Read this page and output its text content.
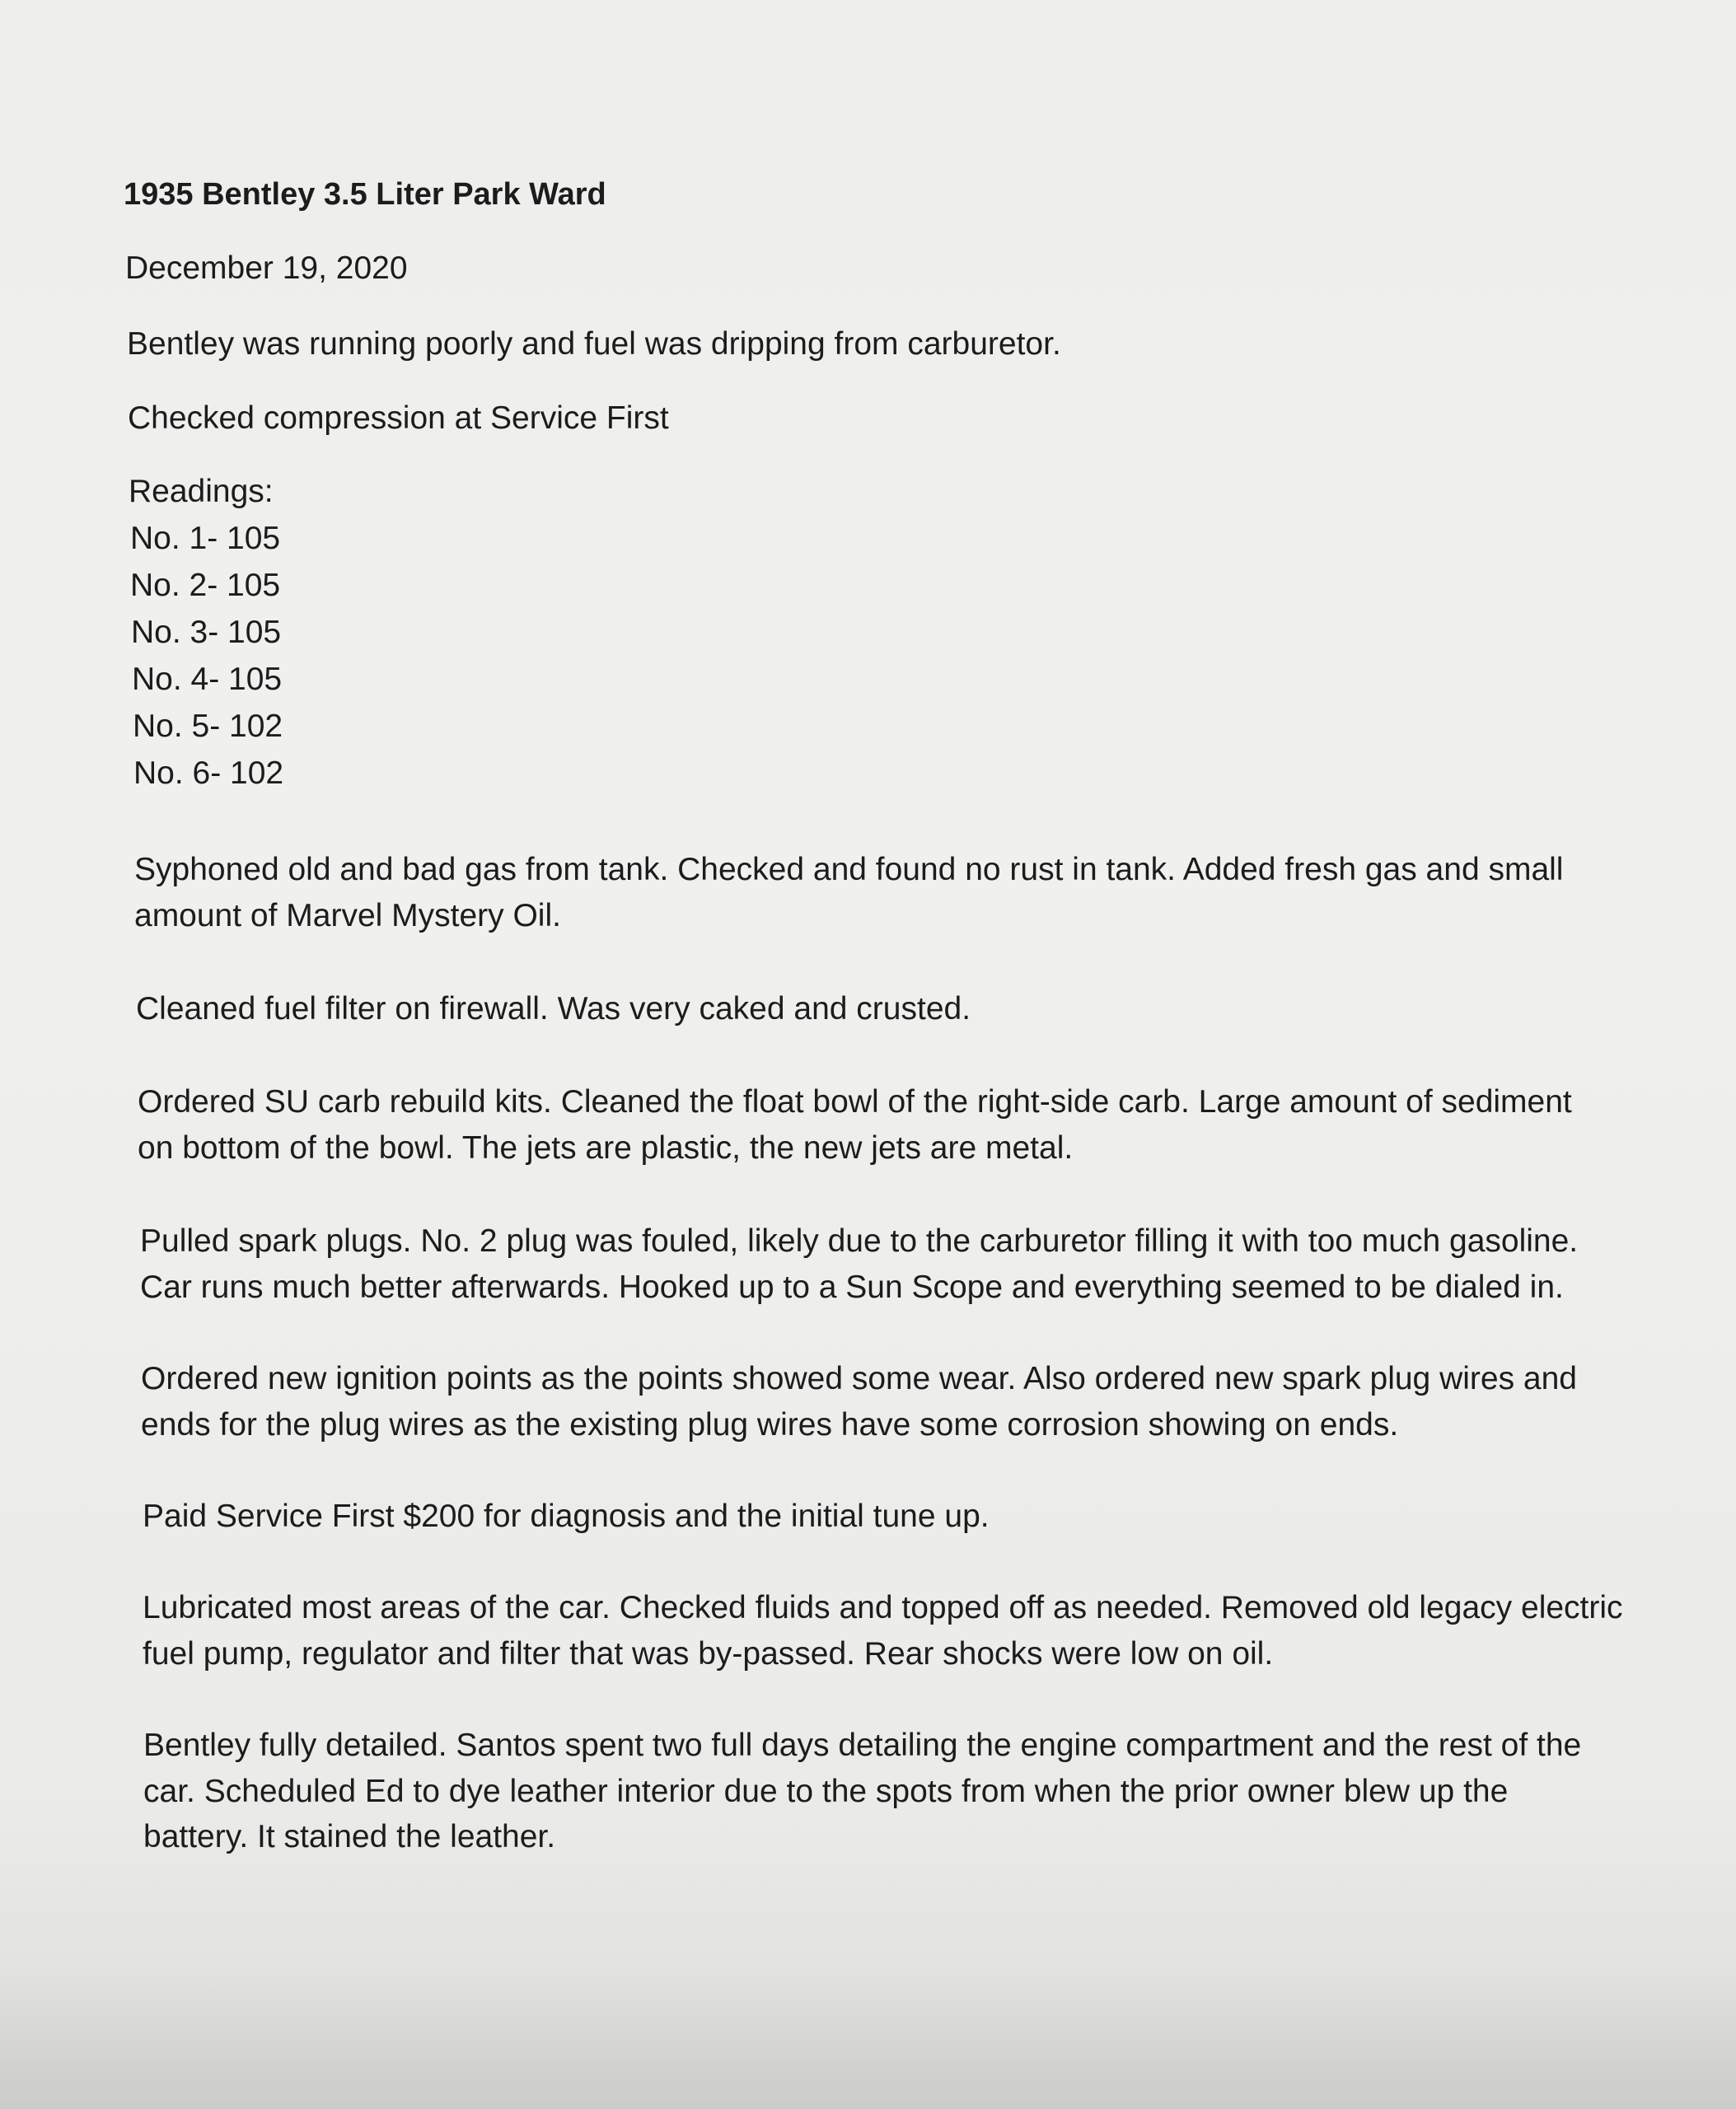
1935 Bentley 3.5 Liter Park Ward
December 19, 2020
Bentley was running poorly and fuel was dripping from carburetor.
Checked compression at Service First
Readings:
No. 1- 105
No. 2- 105
No. 3- 105
No. 4- 105
No. 5- 102
No. 6- 102
Syphoned old and bad gas from tank. Checked and found no rust in tank. Added fresh gas and small
amount of Marvel Mystery Oil.
Cleaned fuel filter on firewall. Was very caked and crusted.
Ordered SU carb rebuild kits. Cleaned the float bowl of the right-side carb. Large amount of sediment
on bottom of the bowl. The jets are plastic, the new jets are metal.
Pulled spark plugs. No. 2 plug was fouled, likely due to the carburetor filling it with too much gasoline.
Car runs much better afterwards. Hooked up to a Sun Scope and everything seemed to be dialed in.
Ordered new ignition points as the points showed some wear. Also ordered new spark plug wires and
ends for the plug wires as the existing plug wires have some corrosion showing on ends.
Paid Service First $200 for diagnosis and the initial tune up.
Lubricated most areas of the car. Checked fluids and topped off as needed. Removed old legacy electric
fuel pump, regulator and filter that was by-passed. Rear shocks were low on oil.
Bentley fully detailed. Santos spent two full days detailing the engine compartment and the rest of the
car. Scheduled Ed to dye leather interior due to the spots from when the prior owner blew up the
battery. It stained the leather.
